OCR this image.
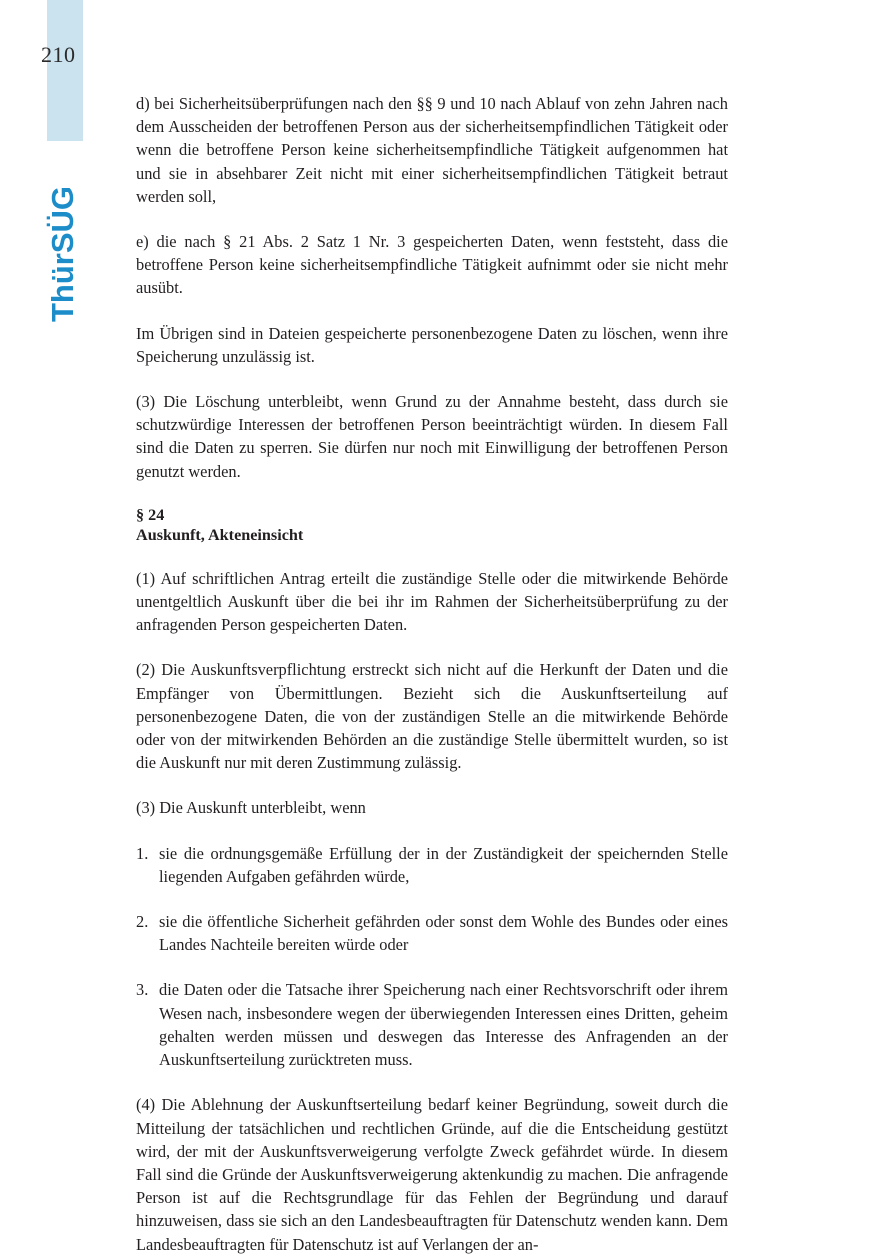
210
ThürSÜG

d) bei Sicherheitsüberprüfungen nach den §§ 9 und 10 nach Ablauf von zehn Jahren nach dem Ausscheiden der betroffenen Person aus der sicherheitsempfindlichen Tätigkeit oder wenn die betroffene Person keine sicherheitsempfindliche Tätigkeit aufgenommen hat und sie in absehbarer Zeit nicht mit einer sicherheitsempfindlichen Tätigkeit betraut werden soll,

e) die nach § 21 Abs. 2 Satz 1 Nr. 3 gespeicherten Daten, wenn feststeht, dass die betroffene Person keine sicherheitsempfindliche Tätigkeit aufnimmt oder sie nicht mehr ausübt.

Im Übrigen sind in Dateien gespeicherte personenbezogene Daten zu löschen, wenn ihre Speicherung unzulässig ist.

(3) Die Löschung unterbleibt, wenn Grund zu der Annahme besteht, dass durch sie schutzwürdige Interessen der betroffenen Person beeinträchtigt würden. In diesem Fall sind die Daten zu sperren. Sie dürfen nur noch mit Einwilligung der betroffenen Person genutzt werden.

§ 24
Auskunft, Akteneinsicht

(1) Auf schriftlichen Antrag erteilt die zuständige Stelle oder die mitwirkende Behörde unentgeltlich Auskunft über die bei ihr im Rahmen der Sicherheitsüberprüfung zu der anfragenden Person gespeicherten Daten.

(2) Die Auskunftsverpflichtung erstreckt sich nicht auf die Herkunft der Daten und die Empfänger von Übermittlungen. Bezieht sich die Auskunftserteilung auf personenbezogene Daten, die von der zuständigen Stelle an die mitwirkende Behörde oder von der mitwirkenden Behörden an die zuständige Stelle übermittelt wurden, so ist die Auskunft nur mit deren Zustimmung zulässig.

(3) Die Auskunft unterbleibt, wenn

1. sie die ordnungsgemäße Erfüllung der in der Zuständigkeit der speichernden Stelle liegenden Aufgaben gefährden würde,
2. sie die öffentliche Sicherheit gefährden oder sonst dem Wohle des Bundes oder eines Landes Nachteile bereiten würde oder
3. die Daten oder die Tatsache ihrer Speicherung nach einer Rechtsvorschrift oder ihrem Wesen nach, insbesondere wegen der überwiegenden Interessen eines Dritten, geheim gehalten werden müssen und deswegen das Interesse des Anfragenden an der Auskunftserteilung zurücktreten muss.

(4) Die Ablehnung der Auskunftserteilung bedarf keiner Begründung, soweit durch die Mitteilung der tatsächlichen und rechtlichen Gründe, auf die die Entscheidung gestützt wird, der mit der Auskunftsverweigerung verfolgte Zweck gefährdet würde. In diesem Fall sind die Gründe der Auskunftsverweigerung aktenkundig zu machen. Die anfragende Person ist auf die Rechtsgrundlage für das Fehlen der Begründung und darauf hinzuweisen, dass sie sich an den Landesbeauftragten für Datenschutz wenden kann. Dem Landesbeauftragten für Datenschutz ist auf Verlangen der an-
